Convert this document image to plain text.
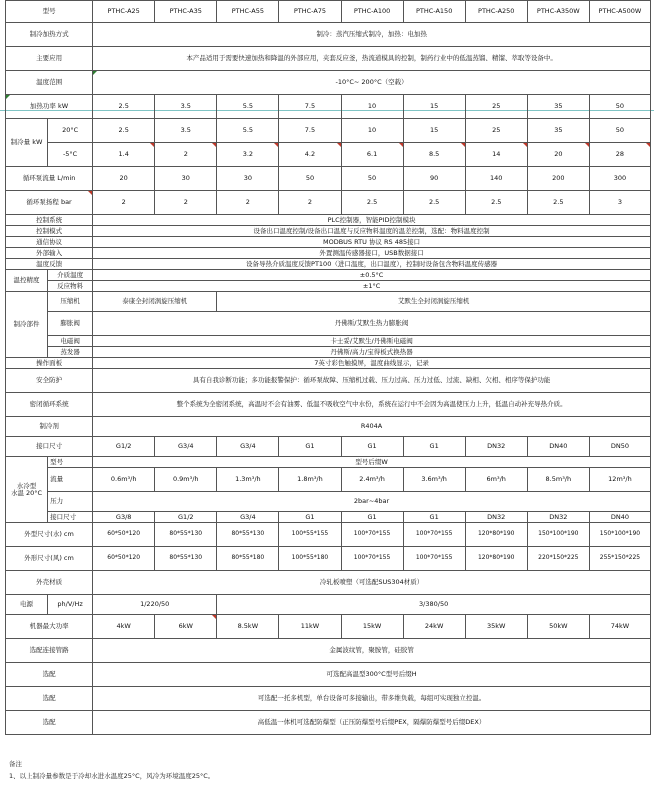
型号		PTHC-A25	PTHC-A35	PTHC-A55	PTHC-A75	PTHC-A100	PTHC-A150	PTHC-A250	PTHC-A350W	PTHC-A500W
制冷加热方式		制冷：蒸汽压缩式制冷，加热：电加热								
主要应用		本产品适用于需要快速加热和降温的外部应用，夹套反应釜，热流道模具的控制，制药行业中的低温蒸馏、精馏、萃取等设备中。								
温度范围		-10°C~ 200°C（空载）								
加热功率 kW		2.5	3.5	5.5	7.5	10	15	25	35	50
制冷量 kW	20°C	2.5	3.5	5.5	7.5	10	15	25	35	50
	-5°C	1.4	2	3.2	4.2	6.1	8.5	14	20	28
循环泵流量 L/min		20	30	30	50	50	90	140	200	300
循环泵扬程 bar		2	2	2	2	2.5	2.5	2.5	2.5	3
控制系统		PLC控制器，智能PID控制模块								
控制模式		设备出口温度控制/设备出口温度与反应物料温度的温差控制，选配：物料温度控制								
通信协议		MODBUS RTU 协议 RS 485接口								
外部输入		外置测温传感器接口，USB数据接口								
温度反馈		设备导热介质温度反馈PT100（进口温度，出口温度），控制时设备包含物料温度传感器								
温控精度	介质温度	±0.5°C								
	反应物料	±1°C								
制冷部件	压缩机	泰康全封闭涡旋压缩机		艾默生全封闭涡旋压缩机						
	膨胀阀	丹佛斯/艾默生热力膨胀阀								
	电磁阀	卡士妥/艾默生/丹佛斯电磁阀								
	蒸发器	丹佛斯/高力/宝得板式换热器								
操作面板		7英寸彩色触摸屏，温度曲线显示，记录								
安全防护		具有自我诊断功能；多功能报警保护：循环泵故障、压缩机过载、压力过高、压力过低、过流、缺相、欠相、相序等保护功能								
密闭循环系统		整个系统为全密闭系统，高温时不会有油雾、低温不吸收空气中水份，系统在运行中不会因为高温使压力上升，低温自动补充导热介质。								
制冷剂		R404A								
接口尺寸		G1/2	G3/4	G3/4	G1	G1	G1	DN32	DN40	DN50
水冷型
水温 20°C	型号	型号后缀W								
	流量	0.6m³/h	0.9m³/h	1.3m³/h	1.8m³/h	2.4m³/h	3.6m³/h	6m³/h	8.5m³/h	12m³/h
	压力	2bar~4bar								
	接口尺寸	G3/8	G1/2	G3/4	G1	G1	G1	DN32	DN32	DN40
外型尺寸(水) cm		60*50*120	80*55*130	80*55*130	100*55*155	100*70*155	100*70*155	120*80*190	150*100*190	150*100*190
外形尺寸(风) cm		60*50*120	80*55*130	80*55*180	100*55*180	100*70*155	100*70*155	120*80*190	220*150*225	255*150*225
外壳材质		冷轧板喷塑（可选配SUS304材质）								
电源	ph/V/Hz	1/220/50		3/380/50						
机器最大功率		4kW	6kW	8.5kW	11kW	15kW	24kW	35kW	50kW	74kW
选配连接管路		金属波纹管，聚胺管，硅胶管								
选配		可选配高温型300°C型号后缀H								
选配		可选配一托多机型，单台设备可多接输出，带多维负载，每组可实现独立控温。								
选配		高低温一体机可选配防爆型（正压防爆型号后缀PEX，隔爆防爆型号后缀DEX）								
备注
1、以上制冷量参数是于冷却水进水温度25°C，风冷为环境温度25°C。
